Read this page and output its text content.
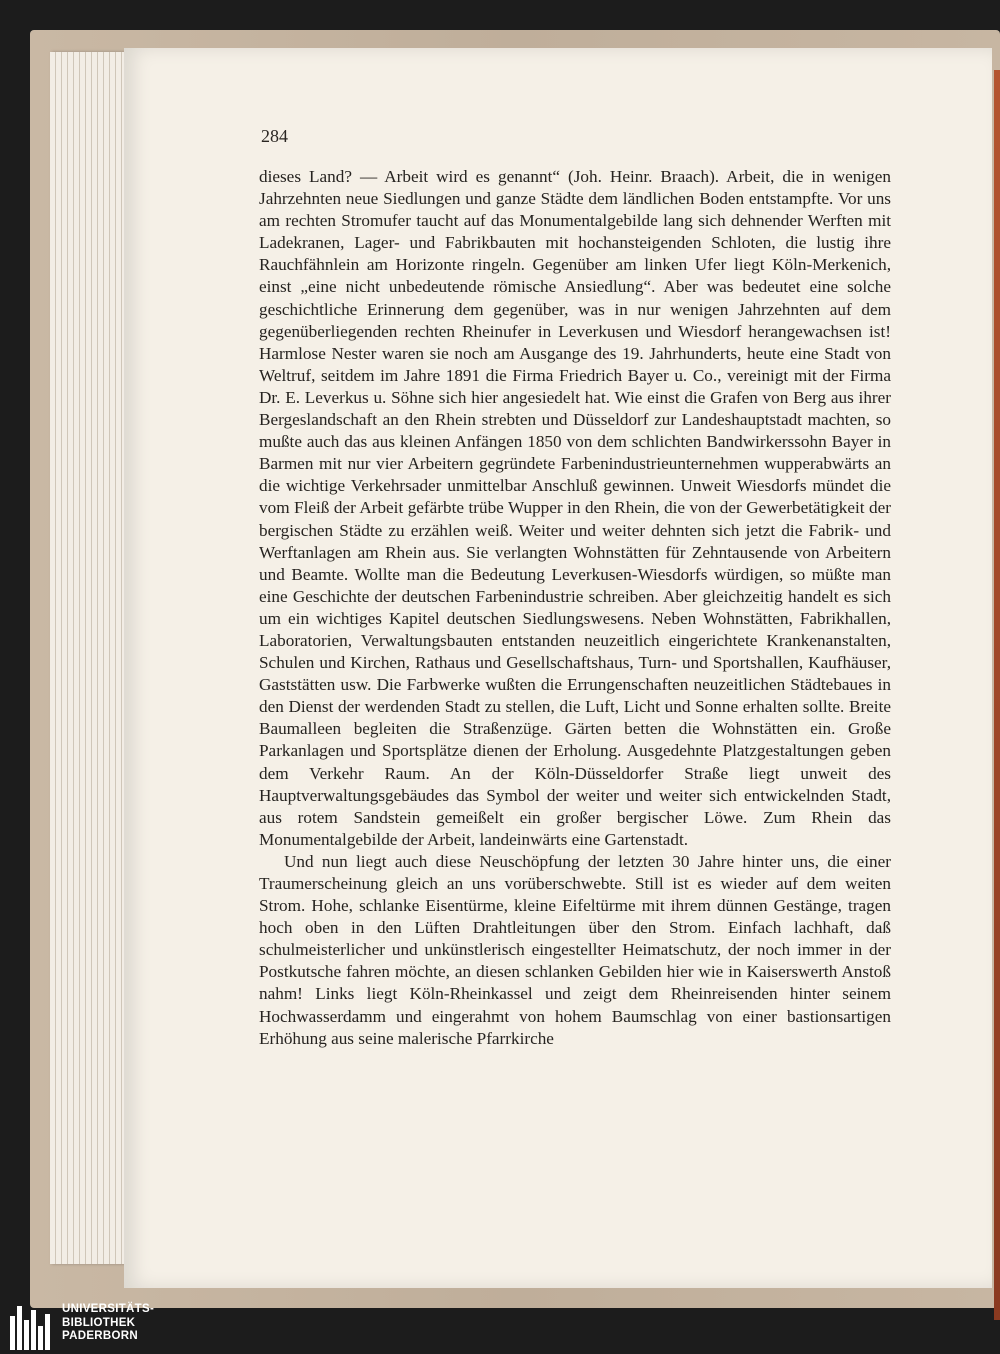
284

dieses Land? — Arbeit wird es genannt“ (Joh. Heinr. Braach). Arbeit, die in wenigen Jahrzehnten neue Siedlungen und ganze Städte dem ländlichen Boden entstampfte. Vor uns am rechten Stromufer taucht auf das Monumentalgebilde lang sich dehnender Werften mit Ladekranen, Lager- und Fabrikbauten mit hochansteigenden Schloten, die lustig ihre Rauchfähnlein am Horizonte ringeln. Gegenüber am linken Ufer liegt Köln-Merkenich, einst „eine nicht unbedeutende römische Ansiedlung“. Aber was bedeutet eine solche geschichtliche Erinnerung dem gegenüber, was in nur wenigen Jahrzehnten auf dem gegenüberliegenden rechten Rheinufer in Leverkusen und Wiesdorf herangewachsen ist! Harmlose Nester waren sie noch am Ausgange des 19. Jahrhunderts, heute eine Stadt von Weltruf, seitdem im Jahre 1891 die Firma Friedrich Bayer u. Co., vereinigt mit der Firma Dr. E. Leverkus u. Söhne sich hier angesiedelt hat. Wie einst die Grafen von Berg aus ihrer Bergeslandschaft an den Rhein strebten und Düsseldorf zur Landeshauptstadt machten, so mußte auch das aus kleinen Anfängen 1850 von dem schlichten Bandwirkerssohn Bayer in Barmen mit nur vier Arbeitern gegründete Farbenindustrieunternehmen wupperabwärts an die wichtige Verkehrsader unmittelbar Anschluß gewinnen. Unweit Wiesdorfs mündet die vom Fleiß der Arbeit gefärbte trübe Wupper in den Rhein, die von der Gewerbetätigkeit der bergischen Städte zu erzählen weiß. Weiter und weiter dehnten sich jetzt die Fabrik- und Werftanlagen am Rhein aus. Sie verlangten Wohnstätten für Zehntausende von Arbeitern und Beamte. Wollte man die Bedeutung Leverkusen-Wiesdorfs würdigen, so müßte man eine Geschichte der deutschen Farbenindustrie schreiben. Aber gleichzeitig handelt es sich um ein wichtiges Kapitel deutschen Siedlungswesens. Neben Wohnstätten, Fabrikhallen, Laboratorien, Verwaltungsbauten entstanden neuzeitlich eingerichtete Krankenanstalten, Schulen und Kirchen, Rathaus und Gesellschaftshaus, Turn- und Sportshallen, Kaufhäuser, Gaststätten usw. Die Farbwerke wußten die Errungenschaften neuzeitlichen Städtebaues in den Dienst der werdenden Stadt zu stellen, die Luft, Licht und Sonne erhalten sollte. Breite Baumalleen begleiten die Straßenzüge. Gärten betten die Wohnstätten ein. Große Parkanlagen und Sportsplätze dienen der Erholung. Ausgedehnte Platzgestaltungen geben dem Verkehr Raum. An der Köln-Düsseldorfer Straße liegt unweit des Hauptverwaltungsgebäudes das Symbol der weiter und weiter sich entwickelnden Stadt, aus rotem Sandstein gemeißelt ein großer bergischer Löwe. Zum Rhein das Monumentalgebilde der Arbeit, landeinwärts eine Gartenstadt.

Und nun liegt auch diese Neuschöpfung der letzten 30 Jahre hinter uns, die einer Traumerscheinung gleich an uns vorüberschwebte. Still ist es wieder auf dem weiten Strom. Hohe, schlanke Eisentürme, kleine Eifeltürme mit ihrem dünnen Gestänge, tragen hoch oben in den Lüften Drahtleitungen über den Strom. Einfach lachhaft, daß schulmeisterlicher und unkünstlerisch eingestellter Heimatschutz, der noch immer in der Postkutsche fahren möchte, an diesen schlanken Gebilden hier wie in Kaiserswerth Anstoß nahm! Links liegt Köln-Rheinkassel und zeigt dem Rheinreisenden hinter seinem Hochwasserdamm und eingerahmt von hohem Baumschlag von einer bastionsartigen Erhöhung aus seine malerische Pfarrkirche

UNIVERSITÄTS-
BIBLIOTHEK
PADERBORN
